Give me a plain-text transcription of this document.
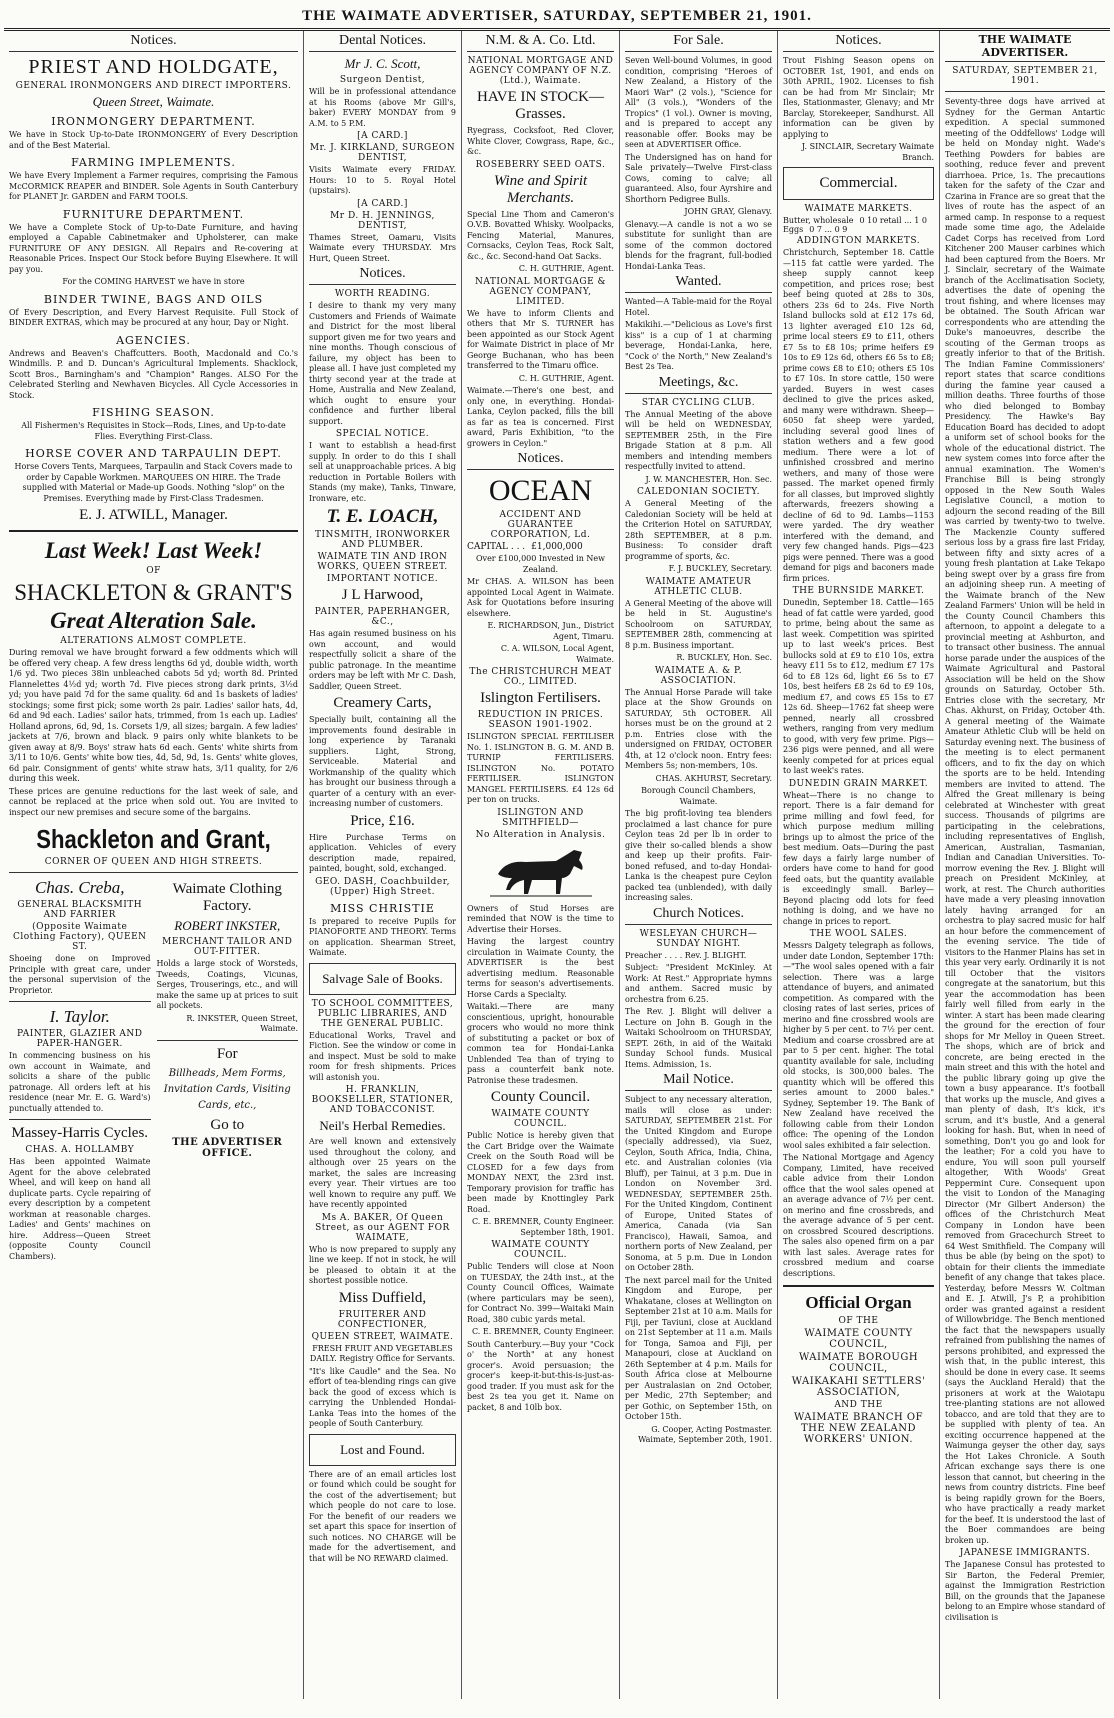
THE WAIMATE ADVERTISER, SATURDAY, SEPTEMBER 21, 1901.
Notices.
PRIEST AND HOLDGATE,
GENERAL IRONMONGERS AND DIRECT IMPORTERS.
Queen Street, Waimate.
IRONMONGERY DEPARTMENT.

We have in Stock Up-to-Date IRONMONGERY of Every Description and of the Best Material.

FARMING IMPLEMENTS.

We have Every Implement a Farmer requires, comprising the Famous McCORMICK REAPER and BINDER. Sole Agents in South Canterbury for PLANET Jr. GARDEN and FARM TOOLS.

FURNITURE DEPARTMENT.

We have a Complete Stock of Up-to-Date Furniture, and having employed a Capable Cabinetmaker and Upholsterer, can make FURNITURE OF ANY DESIGN. All Repairs and Re-covering at Reasonable Prices. Inspect Our Stock before Buying Elsewhere. It will pay you.

For the COMING HARVEST we have in store

BINDER TWINE, BAGS AND OILS

Of Every Description, and Every Harvest Requisite. Full Stock of BINDER EXTRAS, which may be procured at any hour, Day or Night.

AGENCIES.

Andrews and Beaven's Chaffcutters. Booth, Macdonald and Co.'s Windmills. P. and D. Duncan's Agricultural Implements. Shacklock, Scott Bros., Barningham's and "Champion" Ranges. ALSO For the Celebrated Sterling and Newhaven Bicycles. All Cycle Accessories in Stock.

FISHING SEASON.

All Fishermen's Requisites in Stock—Rods, Lines, and Up-to-date Flies. Everything First-Class.

HORSE COVER AND TARPAULIN DEPT.

Horse Covers Tents, Marquees, Tarpaulin and Stack Covers made to order by Capable Workmen. MARQUEES ON HIRE. The Trade supplied with Material or Made-up Goods. Nothing "slop" on the Premises. Everything made by First-Class Tradesmen.

E. J. ATWILL, Manager.
Last Week! Last Week!
OF
SHACKLETON & GRANT'S
Great Alteration Sale.
ALTERATIONS ALMOST COMPLETE.

During removal we have brought forward a few oddments which will be offered very cheap. A few dress lengths 6d yd, double width, worth 1/6 yd. Two pieces 38in unbleached cabots 5d yd; worth 8d. Printed Flannelettes 4½d yd; worth 7d. Five pieces strong dark prints, 3½d yd; you have paid 7d for the same quality. 6d and 1s baskets of ladies' stockings; some first pick; some worth 2s pair. Ladies' sailor hats, 4d, 6d and 9d each. Ladies' sailor hats, trimmed, from 1s each up. Ladies' Holland aprons, 6d, 9d, 1s. Corsets 1/9, all sizes; bargain. A few ladies' jackets at 7/6, brown and black. 9 pairs only white blankets to be given away at 8/9. Boys' straw hats 6d each. Gents' white shirts from 3/11 to 10/6. Gents' white bow ties, 4d, 5d, 9d, 1s. Gents' white gloves, 6d pair. Consignment of gents' white straw hats, 3/11 quality, for 2/6 during this week.

These prices are genuine reductions for the last week of sale, and cannot be replaced at the price when sold out. You are invited to inspect our new premises and secure some of the bargains.

Shackleton and Grant,
CORNER OF QUEEN AND HIGH STREETS.
Chas. Creba,
GENERAL BLACKSMITH AND FARRIER
(Opposite Waimate Clothing Factory), QUEEN ST.

Shoeing done on Improved Principle with great care, under the personal supervision of the Proprietor.

I. Taylor.
PAINTER, GLAZIER AND PAPER-HANGER.

In commencing business on his own account in Waimate, and solicits a share of the public patronage. All orders left at his residence (near Mr. E. G. Ward's) punctually attended to.

Massey-Harris Cycles.
CHAS. A. HOLLAMBY

Has been appointed Waimate Agent for the above celebrated Wheel, and will keep on hand all duplicate parts. Cycle repairing of every description by a competent workman at reasonable charges. Ladies' and Gents' machines on hire. Address—Queen Street (opposite County Council Chambers).

Waimate Clothing Factory.
ROBERT INKSTER,
MERCHANT TAILOR AND OUT-FITTER.

Holds a large stock of Worsteds, Tweeds, Coatings, Vicunas, Serges, Trouserings, etc., and will make the same up at prices to suit all pockets.

R. INKSTER, Queen Street, Waimate.

For

Billheads, Mem Forms, Invitation Cards, Visiting Cards, etc.,

Go to
THE ADVERTISER OFFICE.
Dental Notices.
Mr J. C. Scott,
Surgeon Dentist,

Will be in professional attendance at his Rooms (above Mr Gill's, baker) EVERY MONDAY from 9 A.M. to 5 P.M.

[A CARD.]
Mr. J. KIRKLAND, SURGEON DENTIST,

Visits Waimate every FRIDAY. Hours: 10 to 5. Royal Hotel (upstairs).

[A CARD.]
Mr D. H. JENNINGS, DENTIST,

Thames Street, Oamaru, Visits Waimate every THURSDAY. Mrs Hurt, Queen Street.

Notices.
WORTH READING.

I desire to thank my very many Customers and Friends of Waimate and District for the most liberal support given me for two years and nine months. Though conscious of failure, my object has been to please all. I have just completed my thirty second year at the trade at Home, Australia and New Zealand, which ought to ensure your confidence and further liberal support.

SPECIAL NOTICE.

I want to establish a head-first supply. In order to do this I shall sell at unapproachable prices. A big reduction in Portable Boilers with Stands (my make), Tanks, Tinware, Ironware, etc.

T. E. LOACH,
TINSMITH, IRONWORKER AND PLUMBER.
WAIMATE TIN AND IRON WORKS, QUEEN STREET.
IMPORTANT NOTICE.
J L Harwood,
PAINTER, PAPERHANGER, &C.,

Has again resumed business on his own account, and would respectfully solicit a share of the public patronage. In the meantime orders may be left with Mr C. Dash, Saddler, Queen Street.

Creamery Carts,

Specially built, containing all the improvements found desirable in long experience by Taranaki suppliers. Light, Strong, Serviceable. Material and Workmanship of the quality which has brought our business through a quarter of a century with an ever-increasing number of customers.

Price, £16.

Hire Purchase Terms on application. Vehicles of every description made, repaired, painted, bought, sold, exchanged.

GEO. DASH, Coachbuilder, (Upper) High Street.
MISS CHRISTIE

Is prepared to receive Pupils for PIANOFORTE AND THEORY. Terms on application. Shearman Street, Waimate.

Salvage Sale of Books.
TO SCHOOL COMMITTEES, PUBLIC LIBRARIES, AND THE GENERAL PUBLIC.

Educational Works, Travel and Fiction. See the window or come in and inspect. Must be sold to make room for fresh shipments. Prices will astonish you.

H. FRANKLIN, BOOKSELLER, STATIONER, AND TOBACCONIST.
Neil's Herbal Remedies.

Are well known and extensively used throughout the colony, and although over 25 years on the market, the sales are increasing every year. Their virtues are too well known to require any puff. We have recently appointed

Ms A. BAKER, Of Queen Street, as our AGENT FOR WAIMATE,

Who is now prepared to supply any line we keep. If not in stock, he will be pleased to obtain it at the shortest possible notice.

Miss Duffield,
FRUITERER AND CONFECTIONER,
QUEEN STREET, WAIMATE.

FRESH FRUIT AND VEGETABLES DAILY. Registry Office for Servants.

"It's like Caudle" and the Sea. No effort of tea-blending rings can give back the good of excess which is carrying the Unblended Hondai-Lanka Teas into the homes of the people of South Canterbury.

Lost and Found.

There are of an email articles lost or found which could be sought for the cost of the advertisement; but which people do not care to lose. For the benefit of our readers we set apart this space for insertion of such notices. NO CHARGE will be made for the advertisement, and that will be NO REWARD claimed.

N.M. & A. Co. Ltd.
NATIONAL MORTGAGE AND AGENCY COMPANY OF N.Z. (Ltd.), Waimate.
HAVE IN STOCK— Grasses.

Ryegrass, Cocksfoot, Red Clover, White Clover, Cowgrass, Rape, &c., &c.

ROSEBERRY SEED OATS.
Wine and Spirit Merchants.

Special Line Thom and Cameron's O.V.B. Bovatted Whisky. Woolpacks, Fencing Material, Manures, Cornsacks, Ceylon Teas, Rock Salt, &c., &c. Second-hand Oat Sacks.

C. H. GUTHRIE, Agent.

NATIONAL MORTGAGE & AGENCY COMPANY, LIMITED.

We have to inform Clients and others that Mr S. TURNER has been appointed as our Stock Agent for Waimate District in place of Mr George Buchanan, who has been transferred to the Timaru office.

C. H. GUTHRIE, Agent.

Waimate.—There's one best, and only one, in everything. Hondai-Lanka, Ceylon packed, fills the bill as far as tea is concerned. First award, Paris Exhibition, "to the growers in Ceylon."

Notices.
OCEAN
ACCIDENT AND GUARANTEE CORPORATION, Ld.
CAPITAL . . . £1,000,000

Over £100,000 Invested in New Zealand.

Mr CHAS. A. WILSON has been appointed Local Agent in Waimate. Ask for Quotations before insuring elsewhere.

E. RICHARDSON, Jun., District Agent, Timaru.

C. A. WILSON, Local Agent, Waimate.

The CHRISTCHURCH MEAT CO., LIMITED.
Islington Fertilisers.
REDUCTION IN PRICES. SEASON 1901-1902.

ISLINGTON SPECIAL FERTILISER No. 1. ISLINGTON B. G. M. AND B. TURNIP FERTILISERS. ISLINGTON No. POTATO FERTILISER. ISLINGTON MANGEL FERTILISERS. £4 12s 6d per ton on trucks.

ISLINGTON AND SMITHFIELD—
No Alteration in Analysis.

Owners of Stud Horses are reminded that NOW is the time to Advertise their Horses.

Having the largest country circulation in Waimate County, the ADVERTISER is the best advertising medium. Reasonable terms for season's advertisements. Horse Cards a Specialty.

Waitaki.—There are many conscientious, upright, honourable grocers who would no more think of substituting a packet or box of common tea for Hondai-Lanka Unblended Tea than of trying to pass a counterfeit bank note. Patronise these tradesmen.

County Council.
WAIMATE COUNTY COUNCIL.

Public Notice is hereby given that the Cart Bridge over the Waimate Creek on the South Road will be CLOSED for a few days from MONDAY NEXT, the 23rd inst. Temporary provision for traffic has been made by Knottingley Park Road.

C. E. BREMNER, County Engineer. September 18th, 1901.

WAIMATE COUNTY COUNCIL.

Public Tenders will close at Noon on TUESDAY, the 24th inst., at the County Council Offices, Waimate (where particulars may be seen), for Contract No. 399—Waitaki Main Road, 380 cubic yards metal.

C. E. BREMNER, County Engineer.

South Canterbury.—Buy your "Cock o' the North" at any honest grocer's. Avoid persuasion; the grocer's keep-it-but-this-is-just-as-good trader. If you must ask for the best 2s tea you get it. Name on packet, 8 and 10lb box.

For Sale.

Seven Well-bound Volumes, in good condition, comprising "Heroes of New Zealand, a History of the Maori War" (2 vols.), "Science for All" (3 vols.), "Wonders of the Tropics" (1 vol.). Owner is moving, and is prepared to accept any reasonable offer. Books may be seen at ADVERTISER Office.

The Undersigned has on hand for Sale privately—Twelve First-class Cows, coming to calve; all guaranteed. Also, four Ayrshire and Shorthorn Pedigree Bulls.

JOHN GRAY, Glenavy.

Glenavy.—A candle is not a wo se substitute for sunlight than are some of the common doctored blends for the fragrant, full-bodied Hondai-Lanka Teas.

Wanted.

Wanted—A Table-maid for the Royal Hotel.

Makikihi.—"Delicious as Love's first kiss" is a cup of 1 at charming beverage, Hondai-Lanka, here, "Cock o' the North," New Zealand's Best 2s Tea.

Meetings, &c.
STAR CYCLING CLUB.

The Annual Meeting of the above will be held on WEDNESDAY, SEPTEMBER 25th, in the Fire Brigade Station at 8 p.m. All members and intending members respectfully invited to attend.

J. W. MANCHESTER, Hon. Sec.

CALEDONIAN SOCIETY.

A General Meeting of the Caledonian Society will be held at the Criterion Hotel on SATURDAY, 28th SEPTEMBER, at 8 p.m. Business: To consider draft programme of sports, &c.

F. J. BUCKLEY, Secretary.

WAIMATE AMATEUR ATHLETIC CLUB.

A General Meeting of the above will be held in St. Augustine's Schoolroom on SATURDAY, SEPTEMBER 28th, commencing at 8 p.m. Business important.

R. BUCKLEY, Hon. Sec.

WAIMATE A. & P. ASSOCIATION.

The Annual Horse Parade will take place at the Show Grounds on SATURDAY, 5th OCTOBER. All horses must be on the ground at 2 p.m. Entries close with the undersigned on FRIDAY, OCTOBER 4th, at 12 o'clock noon. Entry fees: Members 5s; non-members, 10s.

CHAS. AKHURST, Secretary.

Borough Council Chambers, Waimate.

The big profit-loving tea blenders proclaimed a last chance for pure Ceylon teas 2d per lb in order to give their so-called blends a show and keep up their profits. Fair-boned refused, and to-day Hondai-Lanka is the cheapest pure Ceylon packed tea (unblended), with daily increasing sales.

Church Notices.
WESLEYAN CHURCH—SUNDAY NIGHT.

Preacher . . . . Rev. J. BLIGHT.

Subject: "President McKinley. At Work: At Rest." Appropriate hymns and anthem. Sacred music by orchestra from 6.25.

The Rev. J. Blight will deliver a Lecture on John B. Gough in the Waitaki Schoolroom on THURSDAY, SEPT. 26th, in aid of the Waitaki Sunday School funds. Musical Items. Admission, 1s.

Mail Notice.

Subject to any necessary alteration, mails will close as under: SATURDAY, SEPTEMBER 21st. For the United Kingdom and Europe (specially addressed), via Suez, Ceylon, South Africa, India, China, etc. and Australian colonies (via Bluff), per Tainui, at 3 p.m. Due in London on November 3rd. WEDNESDAY, SEPTEMBER 25th. For the United Kingdom, Continent of Europe, United States of America, Canada (via San Francisco), Hawaii, Samoa, and northern ports of New Zealand, per Sonoma, at 5 p.m. Due in London on October 28th.

The next parcel mail for the United Kingdom and Europe, per Whakatane, closes at Wellington on September 21st at 10 a.m. Mails for Fiji, per Taviuni, close at Auckland on 21st September at 11 a.m. Mails for Tonga, Samoa and Fiji, per Manapouri, close at Auckland on 26th September at 4 p.m. Mails for South Africa close at Melbourne per Australasian on 2nd October, per Medic, 27th September; and per Gothic, on September 15th, on October 15th.

G. Cooper, Acting Postmaster. Waimate, September 20th, 1901.

Notices.

Trout Fishing Season opens on OCTOBER 1st, 1901, and ends on 30th APRIL, 1902. Licenses to fish can be had from Mr Sinclair; Mr Iles, Stationmaster, Glenavy; and Mr Barclay, Storekeeper, Sandhurst. All information can be given by applying to

J. SINCLAIR, Secretary Waimate Branch.

Commercial.
WAIMATE MARKETS.
Butter, wholesale 0 10 retail ... 1 0
Eggs 0 7 ... 0 9
ADDINGTON MARKETS.

Christchurch, September 18. Cattle—115 fat cattle were yarded. The sheep supply cannot keep competition, and prices rose; best beef being quoted at 28s to 30s, others 23s 6d to 24s. Five North Island bullocks sold at £12 17s 6d, 13 lighter averaged £10 12s 6d, prime local steers £9 to £11, others £7 5s to £8 10s; prime heifers £9 10s to £9 12s 6d, others £6 5s to £8; prime cows £8 to £10; others £5 10s to £7 10s. In store cattle, 150 were yarded. Buyers in west cases declined to give the prices asked, and many were withdrawn. Sheep—6050 fat sheep were yarded, including several good lines of station wethers and a few good medium. There were a lot of unfinished crossbred and merino wethers, and many of those were passed. The market opened firmly for all classes, but improved slightly afterwards, freezers showing a decline of 6d to 9d. Lambs—1153 were yarded. The dry weather interfered with the demand, and very few changed hands. Pigs—423 pigs were penned. There was a good demand for pigs and baconers made firm prices.

THE BURNSIDE MARKET.

Dunedin, September 18. Cattle—165 head of fat cattle were yarded, good to prime, being about the same as last week. Competition was spirited up to last week's prices. Best bullocks sold at £9 to £10 10s, extra heavy £11 5s to £12, medium £7 17s 6d to £8 12s 6d, light £6 5s to £7 10s, best heifers £8 2s 6d to £9 10s, medium £7, and cows £5 15s to £7 12s 6d. Sheep—1762 fat sheep were penned, nearly all crossbred wethers, ranging from very medium to good, with very few prime. Pigs—236 pigs were penned, and all were keenly competed for at prices equal to last week's rates.

DUNEDIN GRAIN MARKET.

Wheat—There is no change to report. There is a fair demand for prime milling and fowl feed, for which purpose medium milling brings up to almost the price of the best medium. Oats—During the past few days a fairly large number of orders have come to hand for good feed oats, but the quantity available is exceedingly small. Barley—Beyond placing odd lots for feed nothing is doing, and we have no change in prices to report.

THE WOOL SALES.

Messrs Dalgety telegraph as follows, under date London, September 17th:—"The wool sales opened with a fair selection. There was a large attendance of buyers, and animated competition. As compared with the closing rates of last series, prices of merino and fine crossbred wools are higher by 5 per cent. to 7½ per cent. Medium and coarse crossbred are at par to 5 per cent. higher. The total quantity available for sale, including old stocks, is 300,000 bales. The quantity which will be offered this series amount to 2000 bales." Sydney, September 19. The Bank of New Zealand have received the following cable from their London office: The opening of the London wool sales exhibited a fair selection.

The National Mortgage and Agency Company, Limited, have received cable advice from their London office that the wool sales opened at an average advance of 7½ per cent. on merino and fine crossbreds, and the average advance of 5 per cent. on crossbred Scoured descriptions. The sales also opened firm on a par with last sales. Average rates for crossbred medium and coarse descriptions.

Official Organ
OF THE
WAIMATE COUNTY COUNCIL,
WAIMATE BOROUGH COUNCIL,
WAIKAKAHI SETTLERS' ASSOCIATION,
AND THE
WAIMATE BRANCH OF THE NEW ZEALAND WORKERS' UNION.
THE WAIMATE ADVERTISER.
SATURDAY, SEPTEMBER 21, 1901.

Seventy-three dogs have arrived at Sydney for the German Antartic expedition. A special summoned meeting of the Oddfellows' Lodge will be held on Monday night. Wade's Teething Powders for babies are soothing, reduce fever and prevent diarrhoea. Price, 1s. The precautions taken for the safety of the Czar and Czarina in France are so great that the lives of route has the aspect of an armed camp. In response to a request made some time ago, the Adelaide Cadet Corps has received from Lord Kitchener 200 Mauser carbines which had been captured from the Boers. Mr J. Sinclair, secretary of the Waimate branch of the Acclimatisation Society, advertises the date of opening the trout fishing, and where licenses may be obtained. The South African war correspondents who are attending the Duke's manoeuvres, describe the scouting of the German troops as greatly inferior to that of the British. The Indian Famine Commissioners' report states that scarce conditions during the famine year caused a million deaths. Three fourths of those who died belonged to Bombay Presidency. The Hawke's Bay Education Board has decided to adopt a uniform set of school books for the whole of the educational district. The new system comes into force after the annual examination. The Women's Franchise Bill is being strongly opposed in the New South Wales Legislative Council, a motion to adjourn the second reading of the Bill was carried by twenty-two to twelve. The Mackenzie County suffered serious loss by a grass fire last Friday, between fifty and sixty acres of a young fresh plantation at Lake Tekapo being swept over by a grass fire from an adjoining sheep run. A meeting of the Waimate branch of the New Zealand Farmers' Union will be held in the County Council Chambers this afternoon, to appoint a delegate to a provincial meeting at Ashburton, and to transact other business. The annual horse parade under the auspices of the Waimate Agricultural and Pastoral Association will be held on the Show grounds on Saturday, October 5th. Entries close with the secretary, Mr Chas. Akhurst, on Friday, October 4th. A general meeting of the Waimate Amateur Athletic Club will be held on Saturday evening next. The business of the meeting is to elect permanent officers, and to fix the day on which the sports are to be held. Intending members are invited to attend. The Alfred the Great millenary is being celebrated at Winchester with great success. Thousands of pilgrims are participating in the celebrations, including representatives of English, American, Australian, Tasmanian, Indian and Canadian Universities. To-morrow evening the Rev. J. Blight will preach on President McKinley, at work, at rest. The Church authorities have made a very pleasing innovation lately having arranged for an orchestra to play sacred music for half an hour before the commencement of the evening service. The tide of visitors to the Hanmer Plains has set in this year very early. Ordinarily it is not till October that the visitors congregate at the sanatorium, but this year the accommodation has been fairly well filled from early in the winter. A start has been made clearing the ground for the erection of four shops for Mr Melloy in Queen Street. The shops, which are of brick and concrete, are being erected in the main street and this with the hotel and the public library going up give the town a busy appearance. It's football that works up the muscle, And gives a man plenty of dash, It's kick, it's scrum, and it's bustle, And a general looking for hash. But, when in need of something, Don't you go and look for the leather; For a cold you have to endure, You will soon pull yourself altogether, With Woods' Great Peppermint Cure. Consequent upon the visit to London of the Managing Director (Mr Gilbert Anderson) the offices of the Christchurch Meat Company in London have been removed from Gracechurch Street to 64 West Smithfield. The Company will thus be able (by being on the spot) to obtain for their clients the immediate benefit of any change that takes place. Yesterday, before Messrs W. Coltman and E. J. Atwill, J's P, a prohibition order was granted against a resident of Willowbridge. The Bench mentioned the fact that the newspapers usually refrained from publishing the names of persons prohibited, and expressed the wish that, in the public interest, this should be done in every case. It seems (says the Auckland Herald) that the prisoners at work at the Waiotapu tree-planting stations are not allowed tobacco, and are told that they are to be supplied with plenty of tea. An exciting occurrence happened at the Waimunga geyser the other day, says the Hot Lakes Chronicle. A South African exchange says there is one lesson that cannot, but cheering in the news from country districts. Fine beef is being rapidly grown for the Boers, who have practically a ready market for the beef. It is understood the last of the Boer commandoes are being broken up.

JAPANESE IMMIGRANTS.

The Japanese Consul has protested to Sir Barton, the Federal Premier, against the Immigration Restriction Bill, on the grounds that the Japanese belong to an Empire whose standard of civilisation is
